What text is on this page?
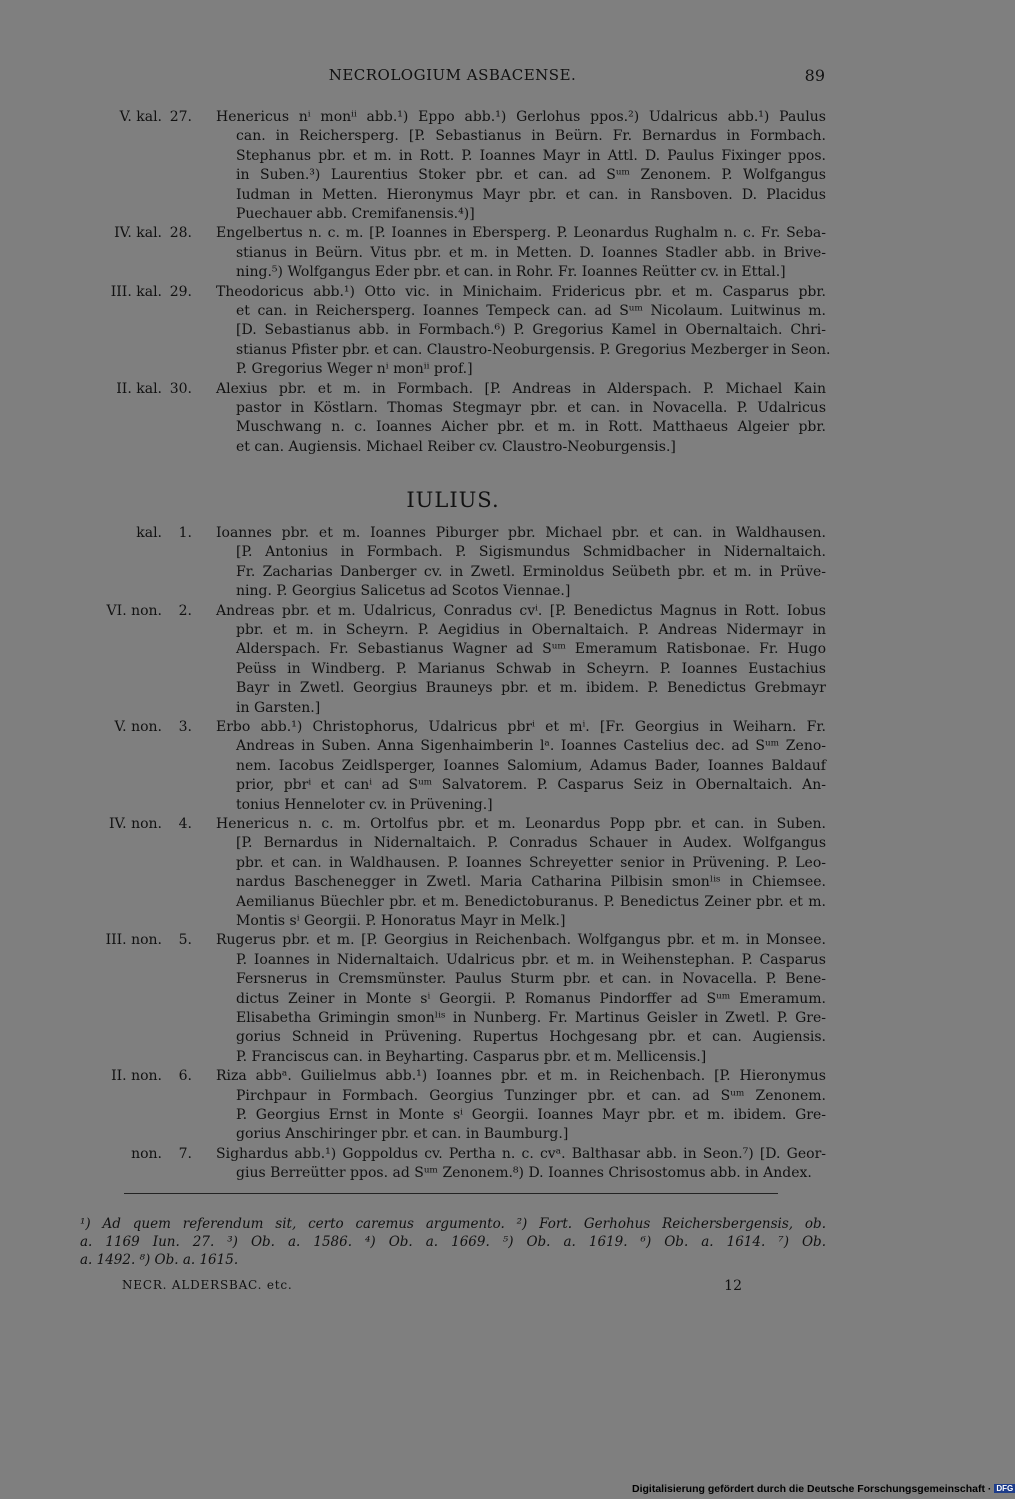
NECROLOGIUM ASBACENSE.	89
V. kal. 27. Henericus nⁱ monⁱⁱ abb.¹) Eppo abb.¹) Gerlohus ppos.²) Udalricus abb.¹) Paulus
can. in Reichersperg. [P. Sebastianus in Beürn. Fr. Bernardus in Formbach.
Stephanus pbr. et m. in Rott. P. Ioannes Mayr in Attl. D. Paulus Fixinger ppos.
in Suben.³) Laurentius Stoker pbr. et can. ad Sᵘᵐ Zenonem. P. Wolfgangus
Iudman in Metten. Hieronymus Mayr pbr. et can. in Ransboven. D. Placidus
Puechauer abb. Cremifanensis.⁴)]
IV. kal. 28. Engelbertus n. c. m. [P. Ioannes in Ebersperg. P. Leonardus Rughalm n. c. Fr. Seba-
stianus in Beürn. Vitus pbr. et m. in Metten. D. Ioannes Stadler abb. in Brive-
ning.⁵) Wolfgangus Eder pbr. et can. in Rohr. Fr. Ioannes Reütter cv. in Ettal.]
III. kal. 29. Theodoricus abb.¹) Otto vic. in Minichaim. Fridericus pbr. et m. Casparus pbr.
et can. in Reichersperg. Ioannes Tempeck can. ad Sᵘᵐ Nicolaum. Luitwinus m.
[D. Sebastianus abb. in Formbach.⁶) P. Gregorius Kamel in Obernaltaich. Chri-
stianus Pfister pbr. et can. Claustro-Neoburgensis. P. Gregorius Mezberger in Seon.
P. Gregorius Weger nⁱ monⁱⁱ prof.]
II. kal. 30. Alexius pbr. et m. in Formbach. [P. Andreas in Alderspach. P. Michael Kain
pastor in Köstlarn. Thomas Stegmayr pbr. et can. in Novacella. P. Udalricus
Muschwang n. c. Ioannes Aicher pbr. et m. in Rott. Matthaeus Algeier pbr.
et can. Augiensis. Michael Reiber cv. Claustro-Neoburgensis.]
IULIUS.
kal.	1. Ioannes pbr. et m. Ioannes Piburger pbr. Michael pbr. et can. in Waldhausen.
[P. Antonius in Formbach. P. Sigismundus Schmidbacher in Nidernaltaich.
Fr. Zacharias Danberger cv. in Zwetl. Erminoldus Seübeth pbr. et m. in Prüve-
ning. P. Georgius Salicetus ad Scotos Viennae.]
VI. non.	2. Andreas pbr. et m. Udalricus, Conradus cvⁱ. [P. Benedictus Magnus in Rott. Iobus
pbr. et m. in Scheyrn. P. Aegidius in Obernaltaich. P. Andreas Nidermayr in
Alderspach. Fr. Sebastianus Wagner ad Sᵘᵐ Emeramum Ratisbonae. Fr. Hugo
Peüss in Windberg. P. Marianus Schwab in Scheyrn. P. Ioannes Eustachius
Bayr in Zwetl. Georgius Brauneys pbr. et m. ibidem. P. Benedictus Grebmayr
in Garsten.]
V. non.	3. Erbo abb.¹) Christophorus, Udalricus pbrⁱ et mⁱ. [Fr. Georgius in Weiharn. Fr.
Andreas in Suben. Anna Sigenhaimberin lᵃ. Ioannes Castelius dec. ad Sᵘᵐ Zeno-
nem. Iacobus Zeidlsperger, Ioannes Salomium, Adamus Bader, Ioannes Baldauf
prior, pbrⁱ et canⁱ ad Sᵘᵐ Salvatorem. P. Casparus Seiz in Obernaltaich. An-
tonius Henneloter cv. in Prüvening.]
IV. non.	4. Henericus n. c. m. Ortolfus pbr. et m. Leonardus Popp pbr. et can. in Suben.
[P. Bernardus in Nidernaltaich. P. Conradus Schauer in Audex. Wolfgangus
pbr. et can. in Waldhausen. P. Ioannes Schreyetter senior in Prüvening. P. Leo-
nardus Baschenegger in Zwetl. Maria Catharina Pilbisin smonˡⁱˢ in Chiemsee.
Aemilianus Büechler pbr. et m. Benedictoburanus. P. Benedictus Zeiner pbr. et m.
Montis sⁱ Georgii. P. Honoratus Mayr in Melk.]
III. non.	5. Rugerus pbr. et m. [P. Georgius in Reichenbach. Wolfgangus pbr. et m. in Monsee.
P. Ioannes in Nidernaltaich. Udalricus pbr. et m. in Weihenstephan. P. Casparus
Fersnerus in Cremsmünster. Paulus Sturm pbr. et can. in Novacella. P. Bene-
dictus Zeiner in Monte sⁱ Georgii. P. Romanus Pindorffer ad Sᵘᵐ Emeramum.
Elisabetha Grimingin smonˡⁱˢ in Nunberg. Fr. Martinus Geisler in Zwetl. P. Gre-
gorius Schneid in Prüvening. Rupertus Hochgesang pbr. et can. Augiensis.
P. Franciscus can. in Beyharting. Casparus pbr. et m. Mellicensis.]
II. non.	6. Riza abbᵃ. Guilielmus abb.¹) Ioannes pbr. et m. in Reichenbach. [P. Hieronymus
Pirchpaur in Formbach. Georgius Tunzinger pbr. et can. ad Sᵘᵐ Zenonem.
P. Georgius Ernst in Monte sⁱ Georgii. Ioannes Mayr pbr. et m. ibidem. Gre-
gorius Anschiringer pbr. et can. in Baumburg.]
non.	7. Sighardus abb.¹) Goppoldus cv. Pertha n. c. cvᵃ. Balthasar abb. in Seon.⁷) [D. Geor-
gius Berreütter ppos. ad Sᵘᵐ Zenonem.⁸) D. Ioannes Chrisostomus abb. in Andex.
¹) Ad quem referendum sit, certo caremus argumento. ²) Fort. Gerhohus Reichersbergensis, ob.
a. 1169 Iun. 27. ³) Ob. a. 1586. ⁴) Ob. a. 1669. ⁵) Ob. a. 1619. ⁶) Ob. a. 1614. ⁷) Ob.
a. 1492. ⁸) Ob. a. 1615.
NECR. ALDERSBAC. etc.	12
Digitalisierung gefördert durch die Deutsche Forschungsgemeinschaft · DFG
